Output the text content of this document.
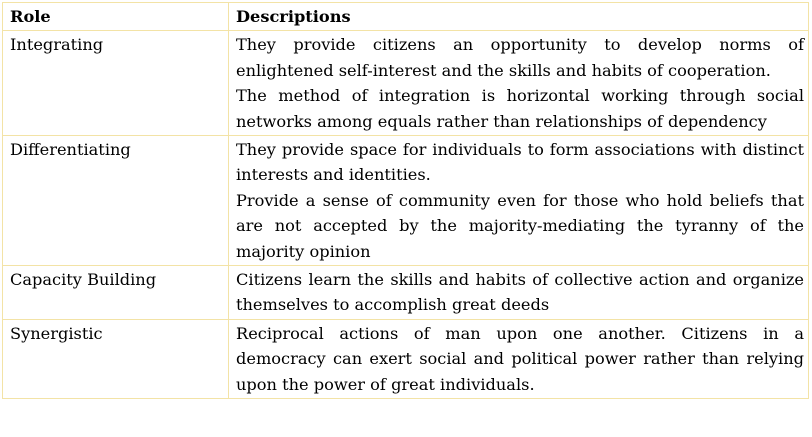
Role	Descriptions
Integrating	They provide citizens an opportunity to develop norms of enlightened self-interest and the skills and habits of cooperation.
The method of integration is horizontal working through social networks among equals rather than relationships of dependency

Differentiating	They provide space for individuals to form associations with distinct interests and identities.
Provide a sense of community even for those who hold beliefs that are not accepted by the majority-mediating the tyranny of the majority opinion

Capacity Building	Citizens learn the skills and habits of collective action and organize themselves to accomplish great deeds

Synergistic	Reciprocal actions of man upon one another. Citizens in a democracy can exert social and political power rather than relying upon the power of great individuals.
